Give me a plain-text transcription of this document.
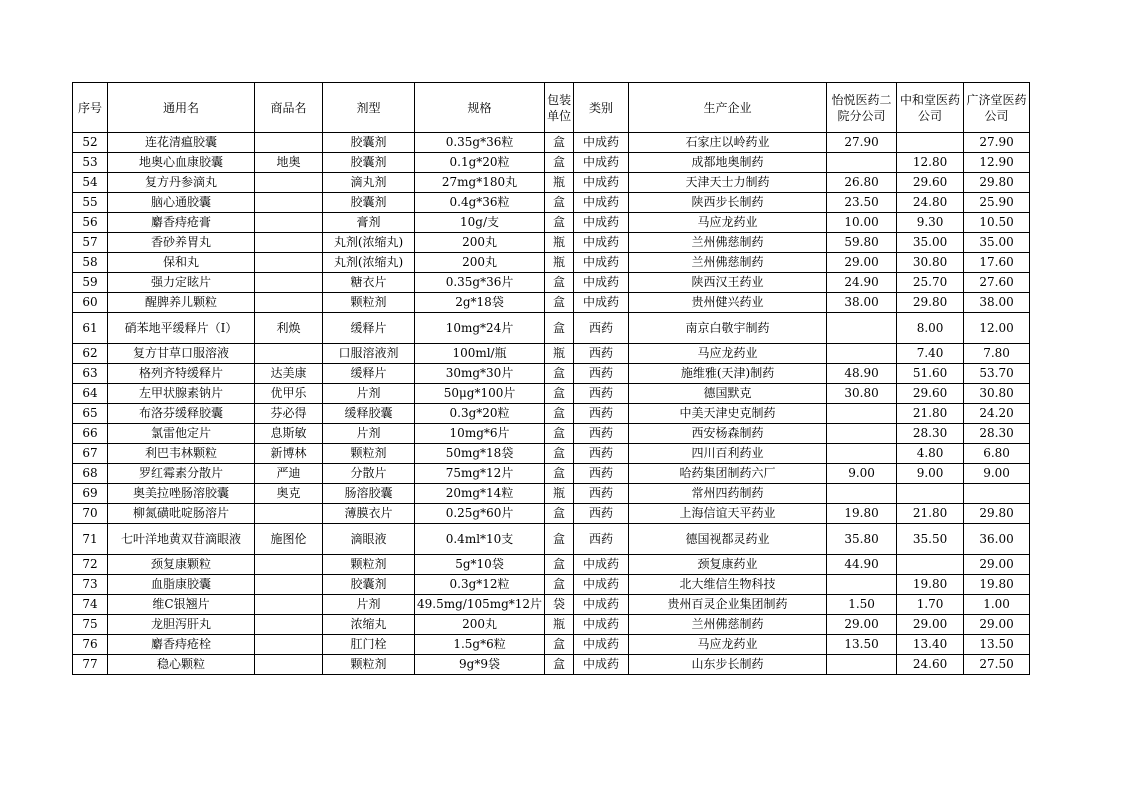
序号	通用名	商品名	剂型	规格	包装单位	类别	生产企业	怡悦医药二院分公司	中和堂医药公司	广济堂医药公司
52	连花清瘟胶囊		胶囊剂	0.35g*36粒	盒	中成药	石家庄以岭药业	27.90		27.90
53	地奥心血康胶囊	地奥	胶囊剂	0.1g*20粒	盒	中成药	成都地奥制药		12.80	12.90
54	复方丹参滴丸		滴丸剂	27mg*180丸	瓶	中成药	天津天士力制药	26.80	29.60	29.80
55	脑心通胶囊		胶囊剂	0.4g*36粒	盒	中成药	陕西步长制药	23.50	24.80	25.90
56	麝香痔疮膏		膏剂	10g/支	盒	中成药	马应龙药业	10.00	9.30	10.50
57	香砂养胃丸		丸剂(浓缩丸)	200丸	瓶	中成药	兰州佛慈制药	59.80	35.00	35.00
58	保和丸		丸剂(浓缩丸)	200丸	瓶	中成药	兰州佛慈制药	29.00	30.80	17.60
59	强力定眩片		糖衣片	0.35g*36片	盒	中成药	陕西汉王药业	24.90	25.70	27.60
60	醒脾养儿颗粒		颗粒剂	2g*18袋	盒	中成药	贵州健兴药业	38.00	29.80	38.00
61	硝苯地平缓释片（Ⅰ）	利焕	缓释片	10mg*24片	盒	西药	南京白敬宇制药		8.00	12.00
62	复方甘草口服溶液		口服溶液剂	100ml/瓶	瓶	西药	马应龙药业		7.40	7.80
63	格列齐特缓释片	达美康	缓释片	30mg*30片	盒	西药	施维雅(天津)制药	48.90	51.60	53.70
64	左甲状腺素钠片	优甲乐	片剂	50μg*100片	盒	西药	德国默克	30.80	29.60	30.80
65	布洛芬缓释胶囊	芬必得	缓释胶囊	0.3g*20粒	盒	西药	中美天津史克制药		21.80	24.20
66	氯雷他定片	息斯敏	片剂	10mg*6片	盒	西药	西安杨森制药		28.30	28.30
67	利巴韦林颗粒	新博林	颗粒剂	50mg*18袋	盒	西药	四川百利药业		4.80	6.80
68	罗红霉素分散片	严迪	分散片	75mg*12片	盒	西药	哈药集团制药六厂	9.00	9.00	9.00
69	奥美拉唑肠溶胶囊	奥克	肠溶胶囊	20mg*14粒	瓶	西药	常州四药制药			
70	柳氮磺吡啶肠溶片		薄膜衣片	0.25g*60片	盒	西药	上海信谊天平药业	19.80	21.80	29.80
71	七叶洋地黄双苷滴眼液	施图伦	滴眼液	0.4ml*10支	盒	西药	德国视都灵药业	35.80	35.50	36.00
72	颈复康颗粒		颗粒剂	5g*10袋	盒	中成药	颈复康药业	44.90		29.00
73	血脂康胶囊		胶囊剂	0.3g*12粒	盒	中成药	北大维信生物科技		19.80	19.80
74	维C银翘片		片剂	49.5mg/105mg*12片	袋	中成药	贵州百灵企业集团制药	1.50	1.70	1.00
75	龙胆泻肝丸		浓缩丸	200丸	瓶	中成药	兰州佛慈制药	29.00	29.00	29.00
76	麝香痔疮栓		肛门栓	1.5g*6粒	盒	中成药	马应龙药业	13.50	13.40	13.50
77	稳心颗粒		颗粒剂	9g*9袋	盒	中成药	山东步长制药		24.60	27.50
